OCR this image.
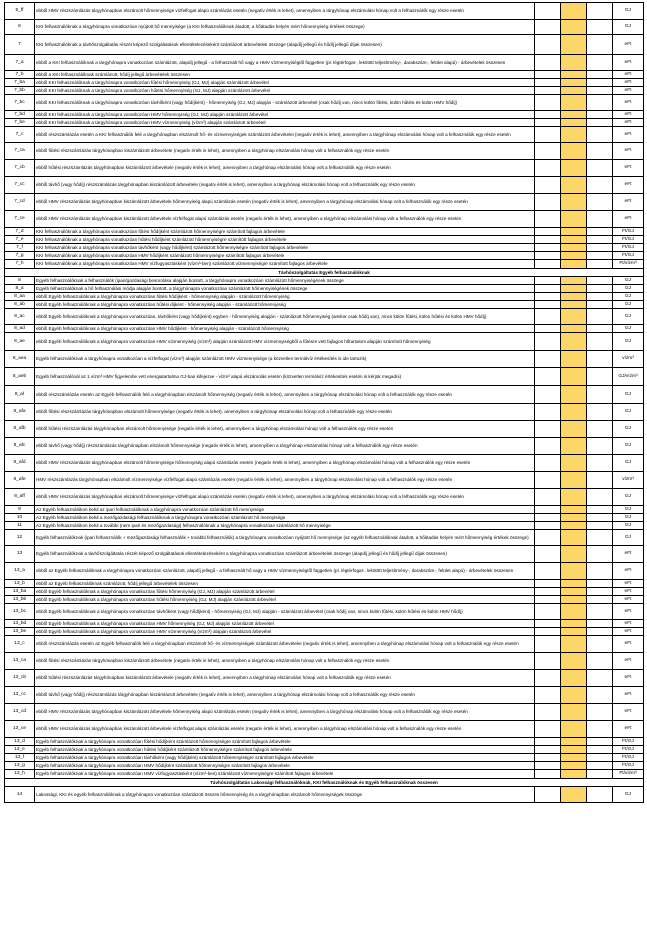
5_ff	ebből HMV részszámlázás tárgyhónapban elszámolt hőmennyisége vízfelfogat alapú számlázás esetén (negatív érték is lehet), amennyiben a tárgyhónap elszámolási hónap volt a felhasználók egy része esetén				GJ
6	KKI felhasználóknak a tárgyhónapra vonatkozóan nyújtott hő mennyisége (a KKI felhasználóknak átadott, a hőátadás helyén mért hőmennyiség értékek összege)				GJ
7	KKI felhasználóknak a távhőszolgáltatás részét képező szolgáltatások ellentételezéseként számlázott árbevételek összege (alapdíj jellegű és hődíj jellegű díjak összesen)				eFt
7_a	ebből a KKI felhasználóknak a tárgyhónapra vonatkozóan számlázott, alapdíj jellegű - a felhasznált hő vagy a HMV vízmennyiségtől független (pl. légtérfogat-, lekötött teljesítmény-, darabszám-, felület alapú) - árbevételek összesen				eFt
7_b	ebből a KKI felhasználóknak számlázott, hődíj jellegű árbevételek összesen				eFt
7_ba	ebből KKI felhasználóknak a tárgyhónapra vonatkozóan fűtési hőmennyiség (GJ, MJ) alapján számlázott árbevétel				eFt
7_bb	ebből KKI felhasználóknak a tárgyhónapra vonatkozóan hűtési hőmennyiség (GJ, MJ) alapján számlázott árbevétel				eFt
7_bc	ebből KKI felhasználóknak a tárgyhónapra vonatkozóan távhőként (vagy hődíjként) - hőmennyiség (GJ, MJ) alapján - számlázott árbevétel (csak hődíj van, nincs külön fűtési, külön hűtési és külön HMV hődíj)				eFt
7_bd	ebből KKI felhasználóknak a tárgyhónapra vonatkozóan HMV hőmennyiség (GJ, MJ) alapján számlázott árbevétel				eFt
7_be	ebből KKI felhasználóknak a tárgyhónapra vonatkozóan HMV vízmennyiség (vízm³) alapján számlázott árbevétel				eFt
7_c	ebből részszámlázás esetén a KKI felhasználók felé a tárgyhónapban elszámolt hő- és vízmennyiségek számlázott árbevételei (negatív érték is lehet), amennyiben a tárgyhónap elszámolási hónap volt a felhasználók egy része esetén				eFt
7_ca	ebből fűtési részszámlázás tárgyhónapban kiszámlázott árbevétele (negatív érték is lehet), amennyiben a tárgyhónap elszámolási hónap volt a felhasználók egy része esetén				eFt
7_cb	ebből hűtési részszámlázás tárgyhónapban kiszámlázott árbevétele (negatív érték is lehet), amennyiben a tárgyhónap elszámolási hónap volt a felhasználók egy része esetén				eFt
7_cc	ebből távhő (vagy hődíj) részszámlázás tárgyhónapban kiszámlázott árbevétele (negatív érték is lehet), amennyiben a tárgyhónap elszámolási hónap volt a felhasználók egy része esetén				eFt
7_cd	ebből HMV részszámlázás tárgyhónapban kiszámlázott árbevétele hőmennyiség alapú számlázás esetén (negatív érték is lehet), amennyiben a tárgyhónap elszámolási hónap volt a felhasználók egy része esetén				eFt
7_ce	ebből HMV részszámlázás tárgyhónapban kiszámlázott árbevétele vízfelfogat alapú számlázás esetén (negatív érték is lehet), amennyiben a tárgyhónap elszámolási hónap volt a felhasználók egy része esetén				eFt
7_d	KKI felhasználóknak a tárgyhónapra vonatkozóan fűtési hődíjként számlázott hőmennyiségre számított fajlagos árbevétele				Ft/GJ
7_e	KKI felhasználóknak a tárgyhónapra vonatkozóan hűtési hődíjként számlázott hőmennyiségre számított fajlagos árbevétele				Ft/GJ
7_f	KKI felhasználóknak a tárgyhónapra vonatkozóan távhőként (vagy hődíjként) számlázott hőmennyiségre számított fajlagos árbevétele				Ft/GJ
7_g	KKI felhasználóknak a tárgyhónapra vonatkozóan HMV hődíjként számlázott hőmennyiségre számított fajlagos árbevétele				Ft/GJ
7_h	KKI felhasználóknak a tárgyhónapra vonatkozóan HMV vízfogyasztásként (vízm³-ben) számlázott vízmennyiségre számított fajlagos árbevétele				Ft/vízm³
Távhőszolgáltatás Egyéb felhasználóknak					
8	Egyéb felhasználóknak a felhasználók (ipari/gazdasági besorolása alapján bontott, a tárgyhónapra vonatkozóan számlázott hőmennyiségének összege				GJ
8_a	Egyéb felhasználóknak a hő felhasználási módja alapján bontott, a tárgyhónapra vonatkozóan számlázott hőmennyiségének összege				GJ
8_aa	ebből Egyéb felhasználóknak a tárgyhónapra vonatkozóan fűtési hődíjként - hőmennyiség alapján - számlázott hőmennyiség				GJ
8_ab	ebből Egyéb felhasználóknak a tárgyhónapra vonatkozóan hűtési díjként - hőmennyiség alapján - számlázott hőmennyiség				GJ
8_ac	ebből Egyéb felhasználóknak a tárgyhónapra vonatkozóan, távhőként (vagy hődíjként) egyben - hőmennyiség alapján - számlázott hőmennyiség (amikor csak hődíj van), nincs külön fűtési, külön hűtési és külön HMV hődíj)				GJ
8_ad	ebből Egyéb felhasználóknak a tárgyhónapra vonatkozóan HMV hődíjként - hőmennyiség alapján - számlázott hőmennyiség				GJ
8_ae	ebből Egyéb felhasználóknak a tárgyhónapra vonatkozóan HMV vízmennyiség (vízm³) alapján számlázott HMV vízmennyiségből a fűtésre vett fajlagos hőtartalom alapján számított hőmennyiség				GJ
8_aea	Egyéb felhasználóknak a tárgyhónapra vonatkozóan a vízfelfogat (vízm³) alapján számlázott HMV vízmennyisége (a közvetlen termálvíz értékesítés is ide tartozik)				vízm³
8_aeb	Egyéb felhasználónál az 1 vízm³ HMV figyelembe vett energiatartalma GJ-ban kifejezve - vízm³ alapú elszámolás esetén (közvetlen termálvíz értékesítés esetén is kérjük megadni)				GJ/vízm³
8_af	ebből részszámlázás esetén az Egyéb felhasználók felé a tárgyhónapban elszámolt hőmennyiség (negatív érték is lehet), amennyiben a tárgyhónap elszámolási hónap volt a felhasználók egy része esetén				GJ
8_afa	ebből fűtési részszámlázás tárgyhónapban elszámolt hőmennyisége (negatív érték is lehet), amennyiben a tárgyhónap elszámolási hónap volt a felhasználók egy része esetén				GJ
8_afb	ebből hűtési részszámlázás tárgyhónapban elszámolt hőmennyisége (negatív érték is lehet), amennyiben a tárgyhónap elszámolási hónap volt a felhasználók egy része esetén				GJ
8_afc	ebből távhő (vagy hődíj) részszámlázás tárgyhónapban elszámolt hőmennyisége (negatív érték is lehet), amennyiben a tárgyhónap elszámolási hónap volt a felhasználók egy része esetén				GJ
8_afd	ebből HMV részszámlázás tárgyhónapban elszámolt hőmennyisége hőmennyiség alapú számlázás esetén (negatív érték is lehet), amennyiben a tárgyhónap elszámolási hónap volt a felhasználók egy része esetén				GJ
8_afe	HMV részszámlázás tárgyhónapban elszámolt vízmennyisége vízfelfogat alapú számlázás esetén (negatív érték is lehet), amennyiben a tárgyhónap elszámolási hónap volt a felhasználók egy része esetén				vízm³
8_aff	ebből HMV részszámlázás tárgyhónapban elszámolt hőmennyisége vízfelfogat alapú számlázás esetén (negatív érték is lehet), amennyiben a tárgyhónap elszámolási hónap volt a felhasználók egy része esetén				GJ
9	Az Egyéb felhasználókon belül az ipari felhasználóknak a tárgyhónapra vonatkozóan számlázott hő mennyisége				GJ
10	Az Egyéb felhasználókon belül a mezőgazdasági felhasználóknak a tárgyhónapra vonatkozóan számlázott hő mennyisége				GJ
11	Az Egyéb felhasználókon belül a további (nem ipari és mezőgazdasági) felhasználóknak a tárgyhónapra vonatkozóan számlázott hő mennyisége				GJ
12	Egyéb felhasználóknak (ipari felhasználók + mezőgazdasági felhasználók + további felhasználók) a tárgyhónapra vonatkozóan nyújtott hő mennyisége (az egyéb felhasználóknak átadott, a hőátadás helyén mért hőmennyiség értékek összege)				GJ
13	Egyéb felhasználóknak a távhőszolgáltatás részét képező szolgáltatások ellentételezéseként a tárgyhónapra vonatkozóan számlázott árbevételek összege (alapdíj jellegű és hődíj jellegű díjak összesen)				eFt
13_a	ebből az Egyéb felhasználóknak a tárgyhónapra vonatkozóan számlázott, alapdíj jellegű - a felhasznált hő vagy a HMV vízmennyiségtől független (pl. légtérfogat-, lekötött teljesítmény-, darabszám-, felület alapú) - árbevételek összesen				eFt
13_b	ebből az Egyéb felhasználóknak számlázott, hődíj jellegű árbevételek összesen				eFt
13_ba	ebből Egyéb felhasználóknak a tárgyhónapra vonatkozóan fűtési hőmennyiség (GJ, MJ) alapján számlázott árbevétel				eFt
13_bb	ebből Egyéb felhasználóknak a tárgyhónapra vonatkozóan hűtési hőmennyiség (GJ, MJ) alapján számlázott árbevétel				eFt
13_bc	ebből Egyéb felhasználóknak a tárgyhónapra vonatkozóan távhőként (vagy hődíjként) - hőmennyiség (GJ, MJ) alapján - számlázott árbevétel (csak hődíj van, nincs külön fűtési, külön hűtési és külön HMV hődíj)				eFt
13_bd	ebből Egyéb felhasználóknak a tárgyhónapra vonatkozóan HMV hőmennyiség (GJ, MJ) alapján számlázott árbevétel				eFt
13_be	ebből Egyéb felhasználóknak a tárgyhónapra vonatkozóan HMV vízmennyiség (vízm³) alapján számlázott árbevétel				eFt
13_c	ebből részszámlázás esetén az Egyéb felhasználók felé a tárgyhónapban elszámolt hő- és vízmennyiségek számlázott árbevételei (negatív érték is lehet), amennyiben a tárgyhónap elszámolási hónap volt a felhasználók egy része esetén				eFt
13_ca	ebből fűtési részszámlázás tárgyhónapban kiszámlázott árbevétele (negatív érték is lehet), amennyiben a tárgyhónap elszámolási hónap volt a felhasználók egy része esetén				eFt
13_cb	ebből hűtési részszámlázás tárgyhónapban kiszámlázott árbevétele (negatív érték is lehet), amennyiben a tárgyhónap elszámolási hónap volt a felhasználók egy része esetén				eFt
13_cc	ebből távhő (vagy hődíj) részszámlázás tárgyhónapban kiszámlázott árbevétele (negatív érték is lehet), amennyiben a tárgyhónap elszámolási hónap volt a felhasználók egy része esetén				eFt
13_cd	ebből HMV részszámlázás tárgyhónapban kiszámlázott árbevétele hőmennyiség alapú számlázás esetén (negatív érték is lehet), amennyiben a tárgyhónap elszámolási hónap volt a felhasználók egy része esetén				eFt
13_ce	ebből HMV részszámlázás tárgyhónapban kiszámlázott árbevétele vízfelfogat alapú számlázás esetén (negatív érték is lehet), amennyiben a tárgyhónap elszámolási hónap volt a felhasználók egy része esetén				eFt
13_d	Egyéb felhasználóknak a tárgyhónapra vonatkozóan fűtési hődíjként számlázott hőmennyiségre számított fajlagos árbevétele				Ft/GJ
13_e	Egyéb felhasználóknak a tárgyhónapra vonatkozóan hűtési hődíjként számlázott hőmennyiségre számított fajlagos árbevétele				Ft/GJ
13_f	Egyéb felhasználóknak a tárgyhónapra vonatkozóan távhőként (vagy hődíjként) számlázott hőmennyiségre számított fajlagos árbevétele				Ft/GJ
13_g	Egyéb felhasználóknak a tárgyhónapra vonatkozóan HMV hődíjként számlázott hőmennyiségre számított fajlagos árbevétele				Ft/GJ
13_h	Egyéb felhasználóknak a tárgyhónapra vonatkozóan HMV vízfogyasztásként (vízm³-ben) számlázott vízmennyiségre számított fajlagos árbevétele				Ft/vízm³
Távhőszolgáltatás Lakossági felhasználóknak, KKI felhasználóknak és Egyéb felhasználóknak összesen					
14	Lakossági, KKI és egyéb felhasználóknak a tárgyhónapra vonatkozóan számlázott összes hőmennyiség és a tárgyhónapban elszámolt hőmennyiségek összege				GJ
